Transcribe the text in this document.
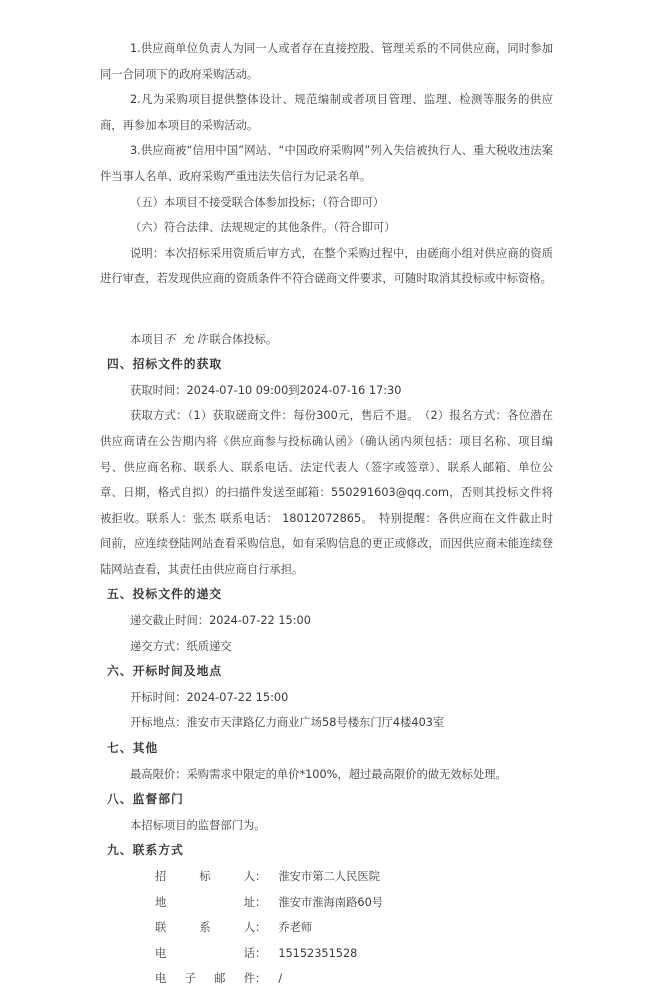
1.供应商单位负责人为同一人或者存在直接控股、管理关系的不同供应商，同时参加同一合同项下的政府采购活动。

2.凡为采购项目提供整体设计、规范编制或者项目管理、监理、检测等服务的供应商，再参加本项目的采购活动。

3.供应商被“信用中国”网站、“中国政府采购网”列入失信被执行人、重大税收违法案件当事人名单、政府采购严重违法失信行为记录名单。

（五）本项目不接受联合体参加投标；（符合即可）

（六）符合法律、法规规定的其他条件。（符合即可）

说明：本次招标采用资质后审方式，在整个采购过程中，由磋商小组对供应商的资质进行审查，若发现供应商的资质条件不符合磋商文件要求，可随时取消其投标或中标资格。

本项目不 允许联合体投标。

四、招标文件的获取

获取时间：2024-07-10 09:00到2024-07-16 17:30

获取方式：（1）获取磋商文件：每份300元，售后不退。　（2）报名方式：各位潜在供应商请在公告期内将《供应商参与投标确认函》（确认函内须包括：项目名称、项目编号、供应商名称、联系人、联系电话、法定代表人（签字或签章）、联系人邮箱、单位公章、日期，格式自拟）的扫描件发送至邮箱：550291603@qq.com，否则其投标文件将被拒收。联系人：张杰 联系电话： 18012072865。　特别提醒：各供应商在文件截止时间前，应连续登陆网站查看采购信息，如有采购信息的更正或修改，而因供应商未能连续登陆网站查看，其责任由供应商自行承担。

五、投标文件的递交

递交截止时间：2024-07-22 15:00

递交方式：纸质递交

六、开标时间及地点

开标时间：2024-07-22 15:00

开标地点：淮安市天津路亿力商业广场58号楼东门厅4楼403室

七、其他

最高限价：采购需求中限定的单价*100%，超过最高限价的做无效标处理。

八、监督部门

本招标项目的监督部门为。

九、联系方式
招	标	人 ： 淮安市第二人民医院
地	址 ： 淮安市淮海南路60号
联	系	人 ： 乔老师
电	话 ： 15152351528
电 子 邮 件 ： /
